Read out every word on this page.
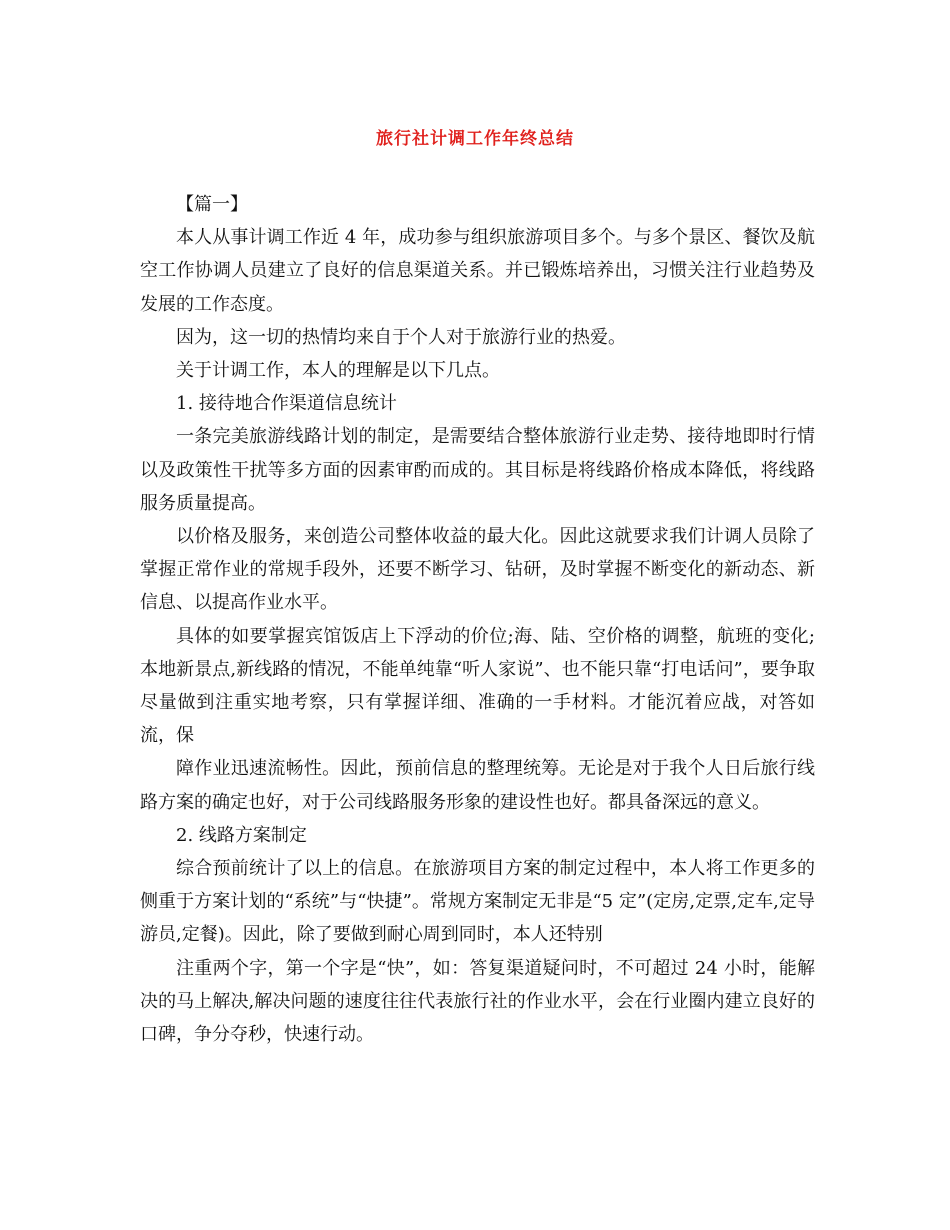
旅行社计调工作年终总结

【篇一】

本人从事计调工作近 4 年，成功参与组织旅游项目多个。与多个景区、餐饮及航空工作协调人员建立了良好的信息渠道关系。并已锻炼培养出，习惯关注行业趋势及发展的工作态度。

因为，这一切的热情均来自于个人对于旅游行业的热爱。

关于计调工作，本人的理解是以下几点。

1. 接待地合作渠道信息统计

一条完美旅游线路计划的制定，是需要结合整体旅游行业走势、接待地即时行情以及政策性干扰等多方面的因素审酌而成的。其目标是将线路价格成本降低，将线路服务质量提高。

以价格及服务，来创造公司整体收益的最大化。因此这就要求我们计调人员除了掌握正常作业的常规手段外，还要不断学习、钻研，及时掌握不断变化的新动态、新信息、以提高作业水平。

具体的如要掌握宾馆饭店上下浮动的价位;海、陆、空价格的调整，航班的变化;本地新景点,新线路的情况，不能单纯靠“听人家说”、也不能只靠“打电话问”，要争取尽量做到注重实地考察，只有掌握详细、准确的一手材料。才能沉着应战，对答如流，保

障作业迅速流畅性。因此，预前信息的整理统筹。无论是对于我个人日后旅行线路方案的确定也好，对于公司线路服务形象的建设性也好。都具备深远的意义。

2. 线路方案制定

综合预前统计了以上的信息。在旅游项目方案的制定过程中，本人将工作更多的侧重于方案计划的“系统”与“快捷”。常规方案制定无非是“5 定”(定房,定票,定车,定导游员,定餐)。因此，除了要做到耐心周到同时，本人还特别

注重两个字，第一个字是“快”，如：答复渠道疑问时，不可超过 24 小时，能解决的马上解决,解决问题的速度往往代表旅行社的作业水平，会在行业圈内建立良好的口碑，争分夺秒，快速行动。
